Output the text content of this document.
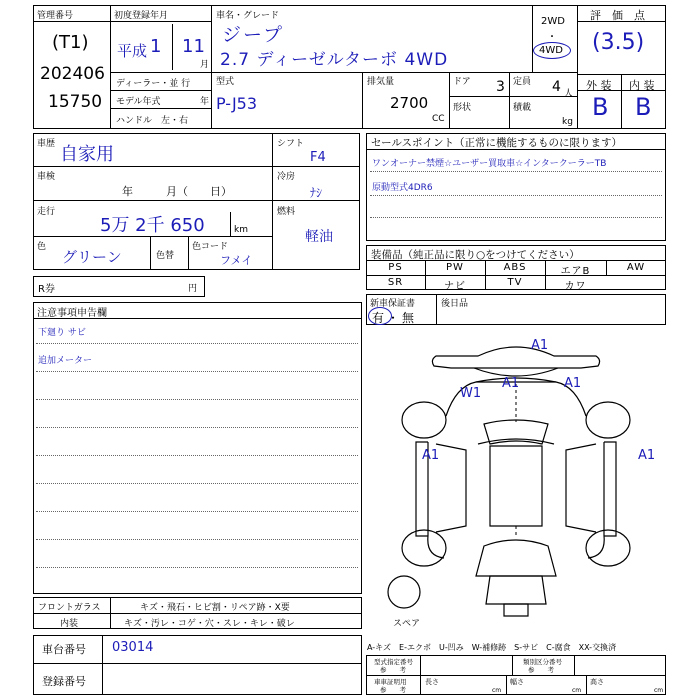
管理番号
(T1)
202406
15750
初度登録年月
平成 1 11
月
車名・グレード
ジープ
2.7 ディーゼルターボ 4WD
2WD
・
4WD
評　価　点
(3.5)
外 装 内 装
B B
ディーラー・並 行
モデル年式	年
ハンドル　左・右
型式
P-J53
排気量
2700
CC
ドア 3 定員 4 人
形状	積載
kg
車歴 自家用
車検
年　　　月（　　日）
走行
5万 2千 650	km
色
グリーン	色替
色コード
フメイ
シフト
F4
冷房
ﾅｼ
燃料
軽油
R券	円
セールスポイント（正常に機能するものに限ります）
ワンオーナー禁煙☆ユーザー買取車☆インタークーラーTB
原動型式4DR6
装備品（純正品に限り○をつけてください）
PS	PW	ABS	エアB	AW
SR	ナビ	TV	カワ
新車保証書	後日品
有・無
注意事項申告欄
下廻り サビ
追加メーター
A1
A1	A1
W1
A1	A1
スペア
フロントガラス	キズ・飛石・ヒビ割・リペア跡・X要
内装	キズ・汚レ・コゲ・穴・スレ・キレ・破レ
車台番号 03014
登録番号
A-キズ　E-エクボ　U-凹み　W-補修跡　S-サビ　C-腐食　XX-交換済
型式指定番号
参　　考
類別区分番号
参　　考
車車証明用
参　　考
長さ
cm
幅さ
cm
高さ
cm
